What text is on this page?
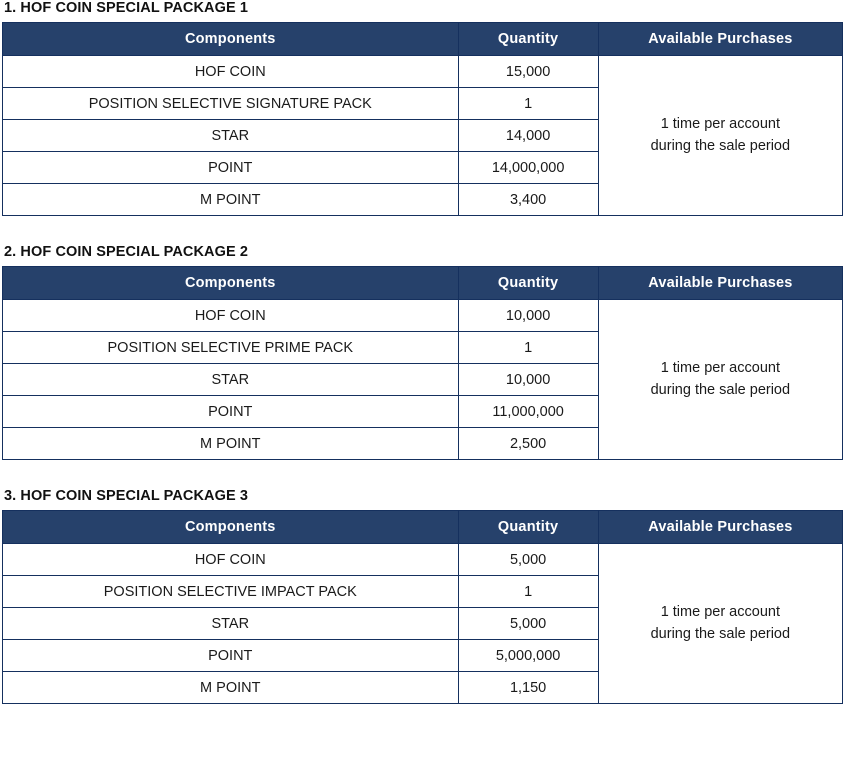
1. HOF COIN SPECIAL PACKAGE 1
Components	Quantity	Available Purchases
HOF COIN	15,000	1 time per account
during the sale period
POSITION SELECTIVE SIGNATURE PACK	1	
STAR	14,000	
POINT	14,000,000	
M POINT	3,400	
2. HOF COIN SPECIAL PACKAGE 2
Components	Quantity	Available Purchases
HOF COIN	10,000	1 time per account
during the sale period
POSITION SELECTIVE PRIME PACK	1	
STAR	10,000	
POINT	11,000,000	
M POINT	2,500	
3. HOF COIN SPECIAL PACKAGE 3
Components	Quantity	Available Purchases
HOF COIN	5,000	1 time per account
during the sale period
POSITION SELECTIVE IMPACT PACK	1	
STAR	5,000	
POINT	5,000,000	
M POINT	1,150	
